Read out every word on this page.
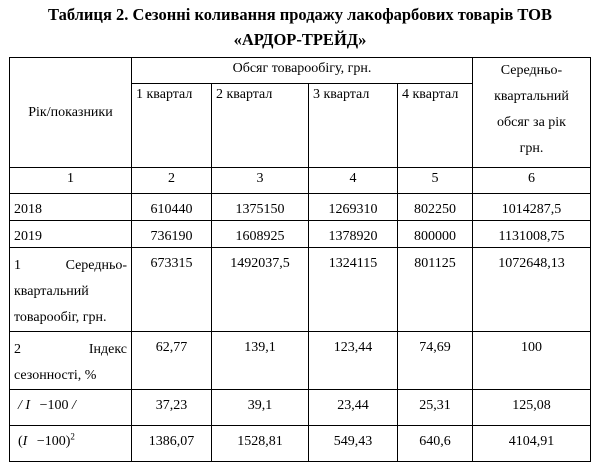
Таблиця 2. Сезонні коливання продажу лакофарбових товарів ТОВ
«АРДОР-ТРЕЙД»
Рік/показники	Обсяг товарообігу, грн.				Середньо-
квартальний
обсяг за рік
грн.

	1 квартал	2 квартал	3 квартал	4 квартал	
1	2	3	4	5	6
2018	610440	1375150	1269310	802250	1014287,5
2019	736190	1608925	1378920	800000	1131008,75

1 Середньо-
квартальний
товарообіг, грн.	673315	1492037,5	1324115	801125	1072648,13

2 Індекс
сезонності, %	62,77	139,1	123,44	74,69	100
/ I −100 /	37,23	39,1	23,44	25,31	125,08
$(I -100)^2$	1386,07	1528,81	549,43	640,6	4104,91
